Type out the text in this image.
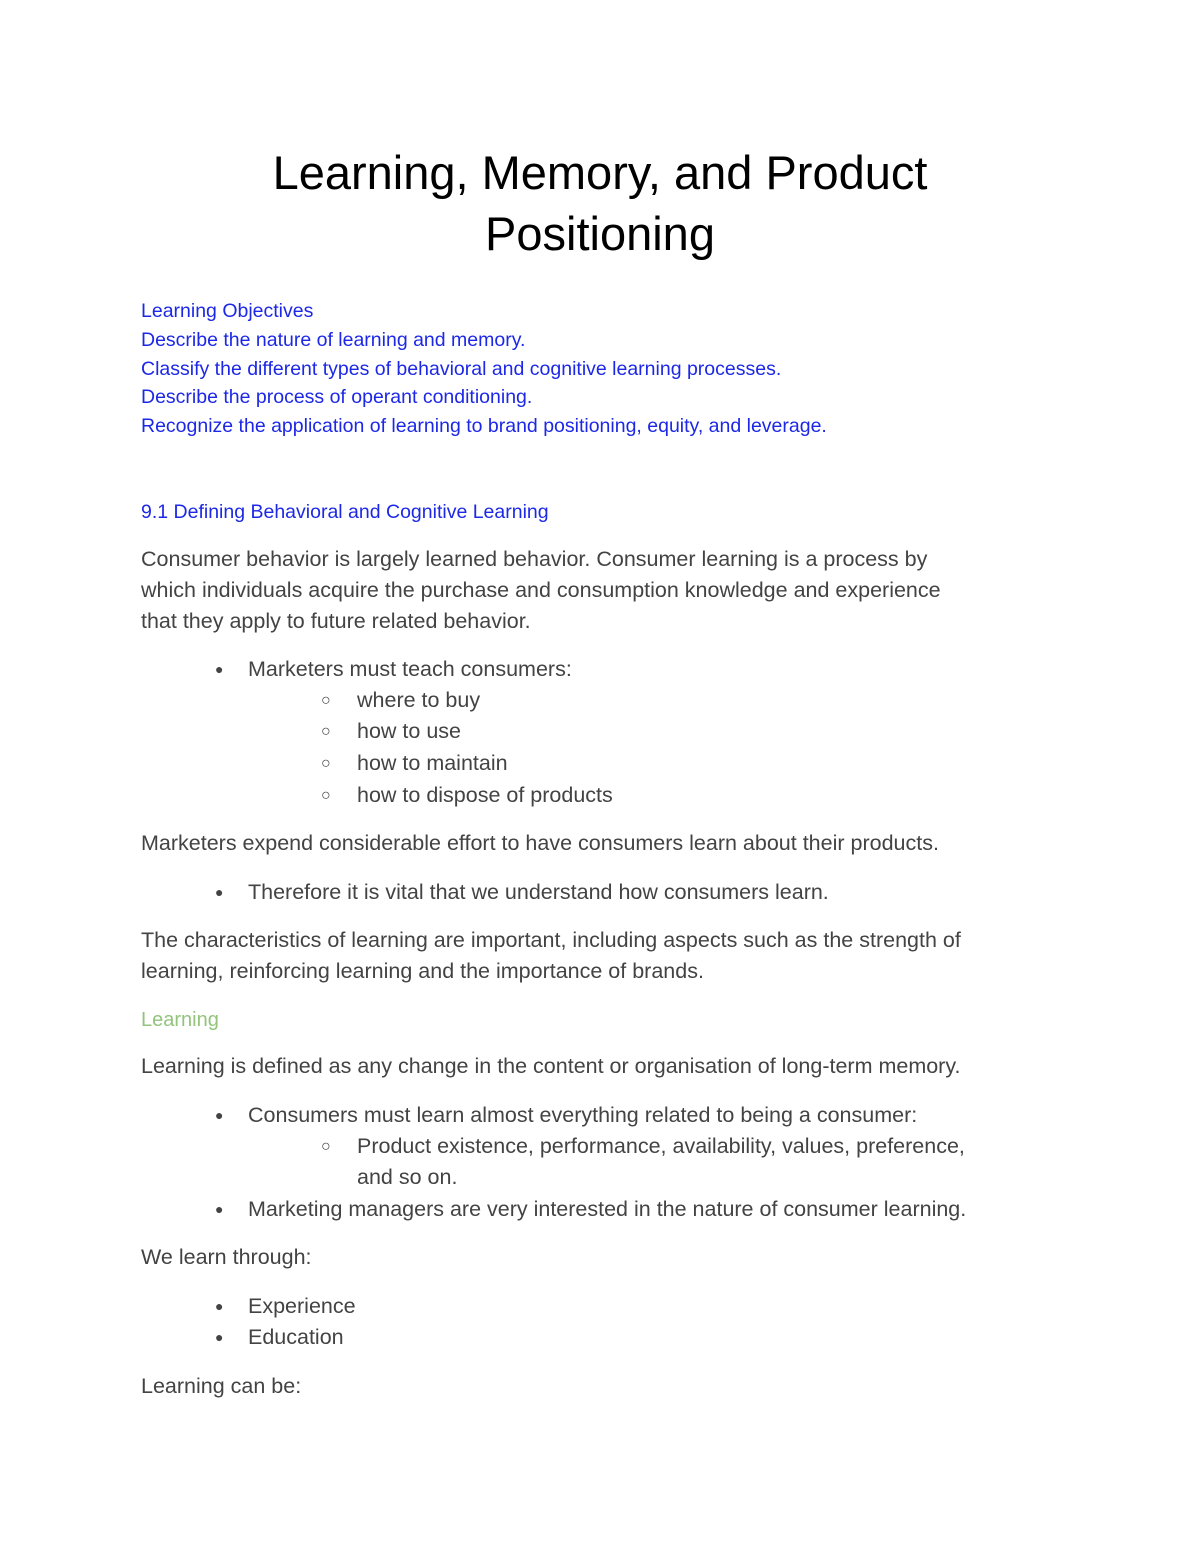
Learning, Memory, and Product
Positioning

Learning Objectives

Describe the nature of learning and memory.

Classify the different types of behavioral and cognitive learning processes.

Describe the process of operant conditioning.

Recognize the application of learning to brand positioning, equity, and leverage.

9.1 Defining Behavioral and Cognitive Learning

Consumer behavior is largely learned behavior. Consumer learning is a process by
which individuals acquire the purchase and consumption knowledge and experience
that they apply to future related behavior.

● Marketers must teach consumers:
○ where to buy
○ how to use
○ how to maintain
○ how to dispose of products

Marketers expend considerable effort to have consumers learn about their products.

● Therefore it is vital that we understand how consumers learn.

The characteristics of learning are important, including aspects such as the strength of
learning, reinforcing learning and the importance of brands.

Learning

Learning is defined as any change in the content or organisation of long-term memory.

● Consumers must learn almost everything related to being a consumer:
○ Product existence, performance, availability, values, preference,
and so on.
● Marketing managers are very interested in the nature of consumer learning.

We learn through:

● Experience
● Education

Learning can be:
